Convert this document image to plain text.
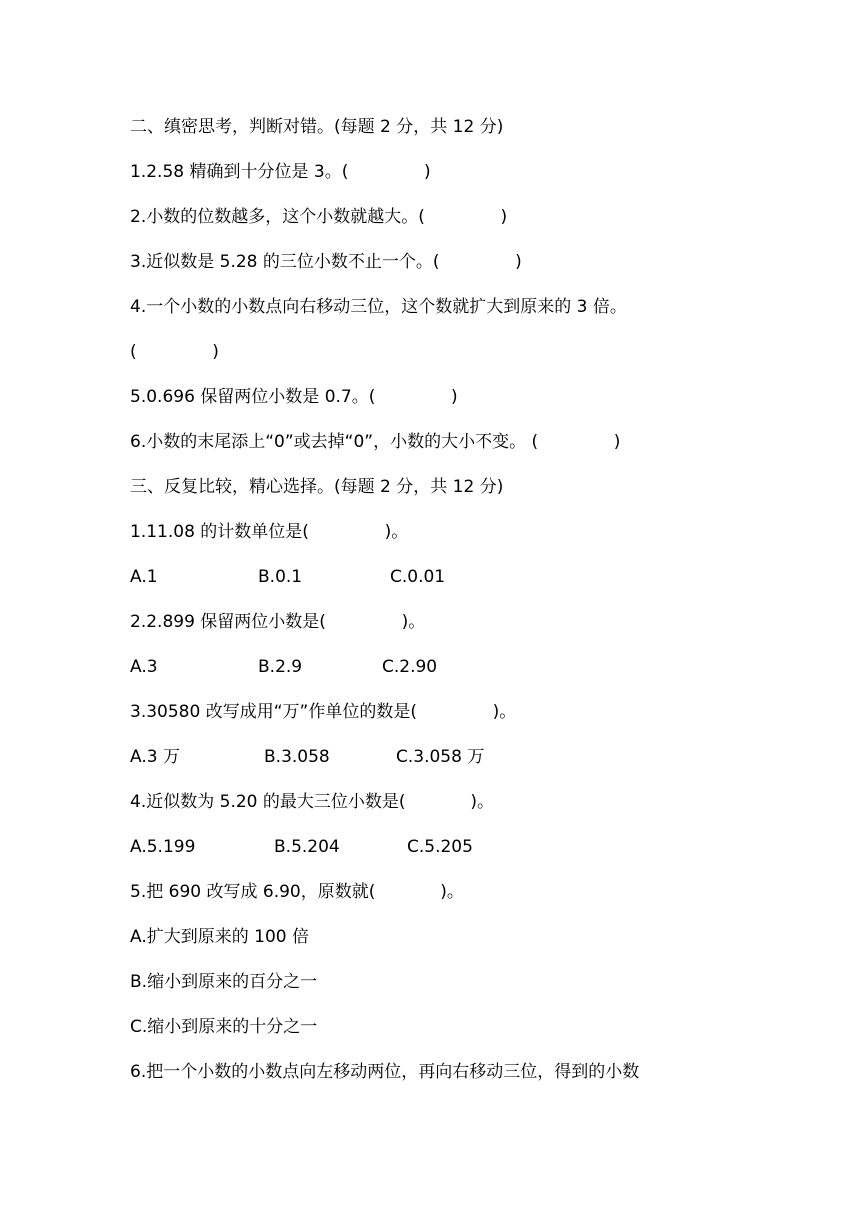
二、缜密思考，判断对错。(每题 2 分，共 12 分)
1.2.58 精确到十分位是 3。(              )
2.小数的位数越多，这个小数就越大。(              )
3.近似数是 5.28 的三位小数不止一个。(              )
4.一个小数的小数点向右移动三位，这个数就扩大到原来的 3 倍。
(              )
5.0.696 保留两位小数是 0.7。(              )
6.小数的末尾添上“0”或去掉“0”，小数的大小不变。 (              )
三、反复比较，精心选择。(每题 2 分，共 12 分)
1.11.08 的计数单位是(              )。
A.1	B.0.1	C.0.01
2.2.899 保留两位小数是(              )。
A.3	B.2.9	C.2.90
3.30580 改写成用“万”作单位的数是(              )。
A.3 万	B.3.058	C.3.058 万
4.近似数为 5.20 的最大三位小数是(            )。
A.5.199	B.5.204	C.5.205
5.把 690 改写成 6.90，原数就(            )。
A.扩大到原来的 100 倍
B.缩小到原来的百分之一
C.缩小到原来的十分之一
6.把一个小数的小数点向左移动两位，再向右移动三位，得到的小数
